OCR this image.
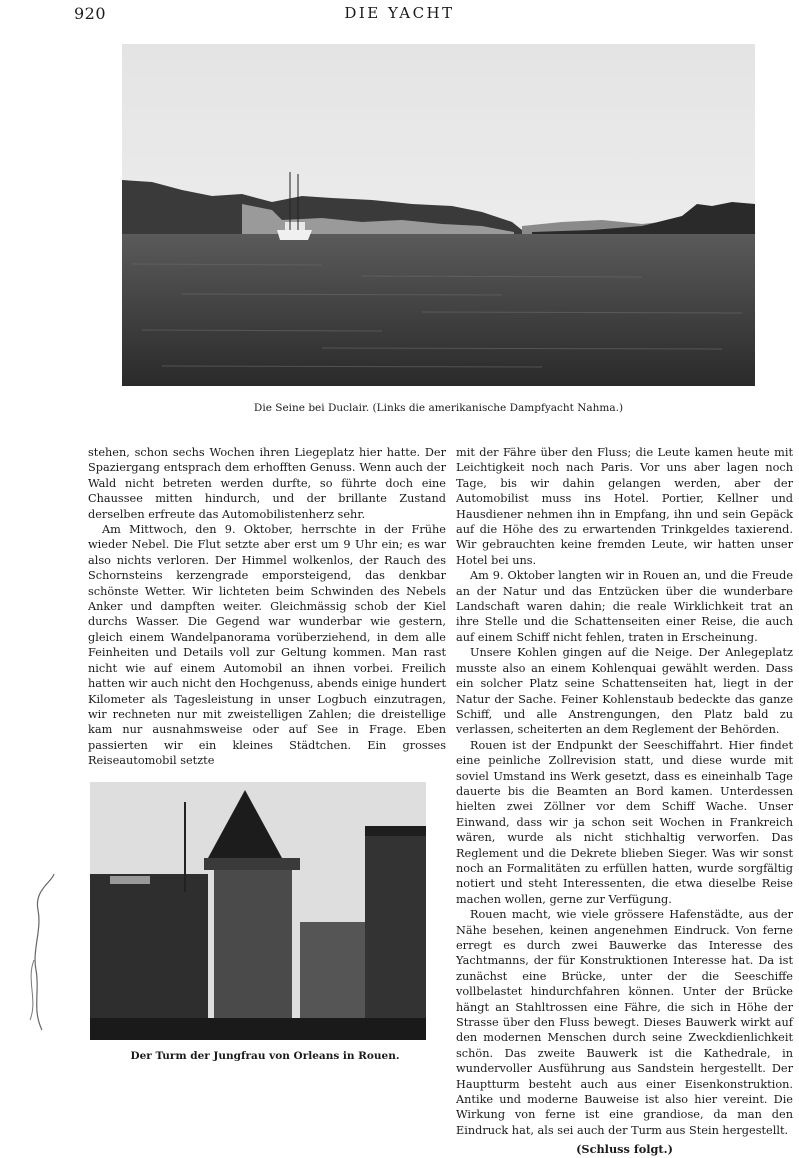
920	DIE YACHT
Die Seine bei Duclair. (Links die amerikanische Dampfyacht Nahma.)

stehen, schon sechs Wochen ihren Liegeplatz hier hatte. Der Spaziergang entsprach dem erhofften Genuss. Wenn auch der Wald nicht betreten werden durfte, so führte doch eine Chaussee mitten hindurch, und der brillante Zustand derselben erfreute das Automobilistenherz sehr.

Am Mittwoch, den 9. Oktober, herrschte in der Frühe wieder Nebel. Die Flut setzte aber erst um 9 Uhr ein; es war also nichts verloren. Der Himmel wolkenlos, der Rauch des Schornsteins kerzengrade emporsteigend, das denkbar schönste Wetter. Wir lichteten beim Schwinden des Nebels Anker und dampften weiter. Gleichmässig schob der Kiel durchs Wasser. Die Gegend war wunderbar wie gestern, gleich einem Wandelpanorama vorüberziehend, in dem alle Feinheiten und Details voll zur Geltung kommen. Man rast nicht wie auf einem Automobil an ihnen vorbei. Freilich hatten wir auch nicht den Hochgenuss, abends einige hundert Kilometer als Tagesleistung in unser Logbuch einzutragen, wir rechneten nur mit zweistelligen Zahlen; die dreistellige kam nur ausnahmsweise oder auf See in Frage. Eben passierten wir ein kleines Städtchen. Ein grosses Reiseautomobil setzte

Der Turm der Jungfrau von Orleans in Rouen.

mit der Fähre über den Fluss; die Leute kamen heute mit Leichtigkeit noch nach Paris. Vor uns aber lagen noch Tage, bis wir dahin gelangen werden, aber der Automobilist muss ins Hotel. Portier, Kellner und Hausdiener nehmen ihn in Empfang, ihn und sein Gepäck auf die Höhe des zu erwartenden Trinkgeldes taxierend. Wir gebrauchten keine fremden Leute, wir hatten unser Hotel bei uns.

Am 9. Oktober langten wir in Rouen an, und die Freude an der Natur und das Entzücken über die wunderbare Landschaft waren dahin; die reale Wirklichkeit trat an ihre Stelle und die Schattenseiten einer Reise, die auch auf einem Schiff nicht fehlen, traten in Erscheinung.

Unsere Kohlen gingen auf die Neige. Der Anlegeplatz musste also an einem Kohlenquai gewählt werden. Dass ein solcher Platz seine Schattenseiten hat, liegt in der Natur der Sache. Feiner Kohlenstaub bedeckte das ganze Schiff, und alle Anstrengungen, den Platz bald zu verlassen, scheiterten an dem Reglement der Behörden.

Rouen ist der Endpunkt der Seeschiffahrt. Hier findet eine peinliche Zollrevision statt, und diese wurde mit soviel Umstand ins Werk gesetzt, dass es eineinhalb Tage dauerte bis die Beamten an Bord kamen. Unterdessen hielten zwei Zöllner vor dem Schiff Wache. Unser Einwand, dass wir ja schon seit Wochen in Frankreich wären, wurde als nicht stichhaltig verworfen. Das Reglement und die Dekrete blieben Sieger. Was wir sonst noch an Formalitäten zu erfüllen hatten, wurde sorgfältig notiert und steht Interessenten, die etwa dieselbe Reise machen wollen, gerne zur Verfügung.

Rouen macht, wie viele grössere Hafenstädte, aus der Nähe besehen, keinen angenehmen Eindruck. Von ferne erregt es durch zwei Bauwerke das Interesse des Yachtmanns, der für Konstruktionen Interesse hat. Da ist zunächst eine Brücke, unter der die Seeschiffe vollbelastet hindurchfahren können. Unter der Brücke hängt an Stahltrossen eine Fähre, die sich in Höhe der Strasse über den Fluss bewegt. Dieses Bauwerk wirkt auf den modernen Menschen durch seine Zweckdienlichkeit schön. Das zweite Bauwerk ist die Kathedrale, in wundervoller Ausführung aus Sandstein hergestellt. Der Hauptturm besteht auch aus einer Eisenkonstruktion. Antike und moderne Bauweise ist also hier vereint. Die Wirkung von ferne ist eine grandiose, da man den Eindruck hat, als sei auch der Turm aus Stein hergestellt.

(Schluss folgt.)
